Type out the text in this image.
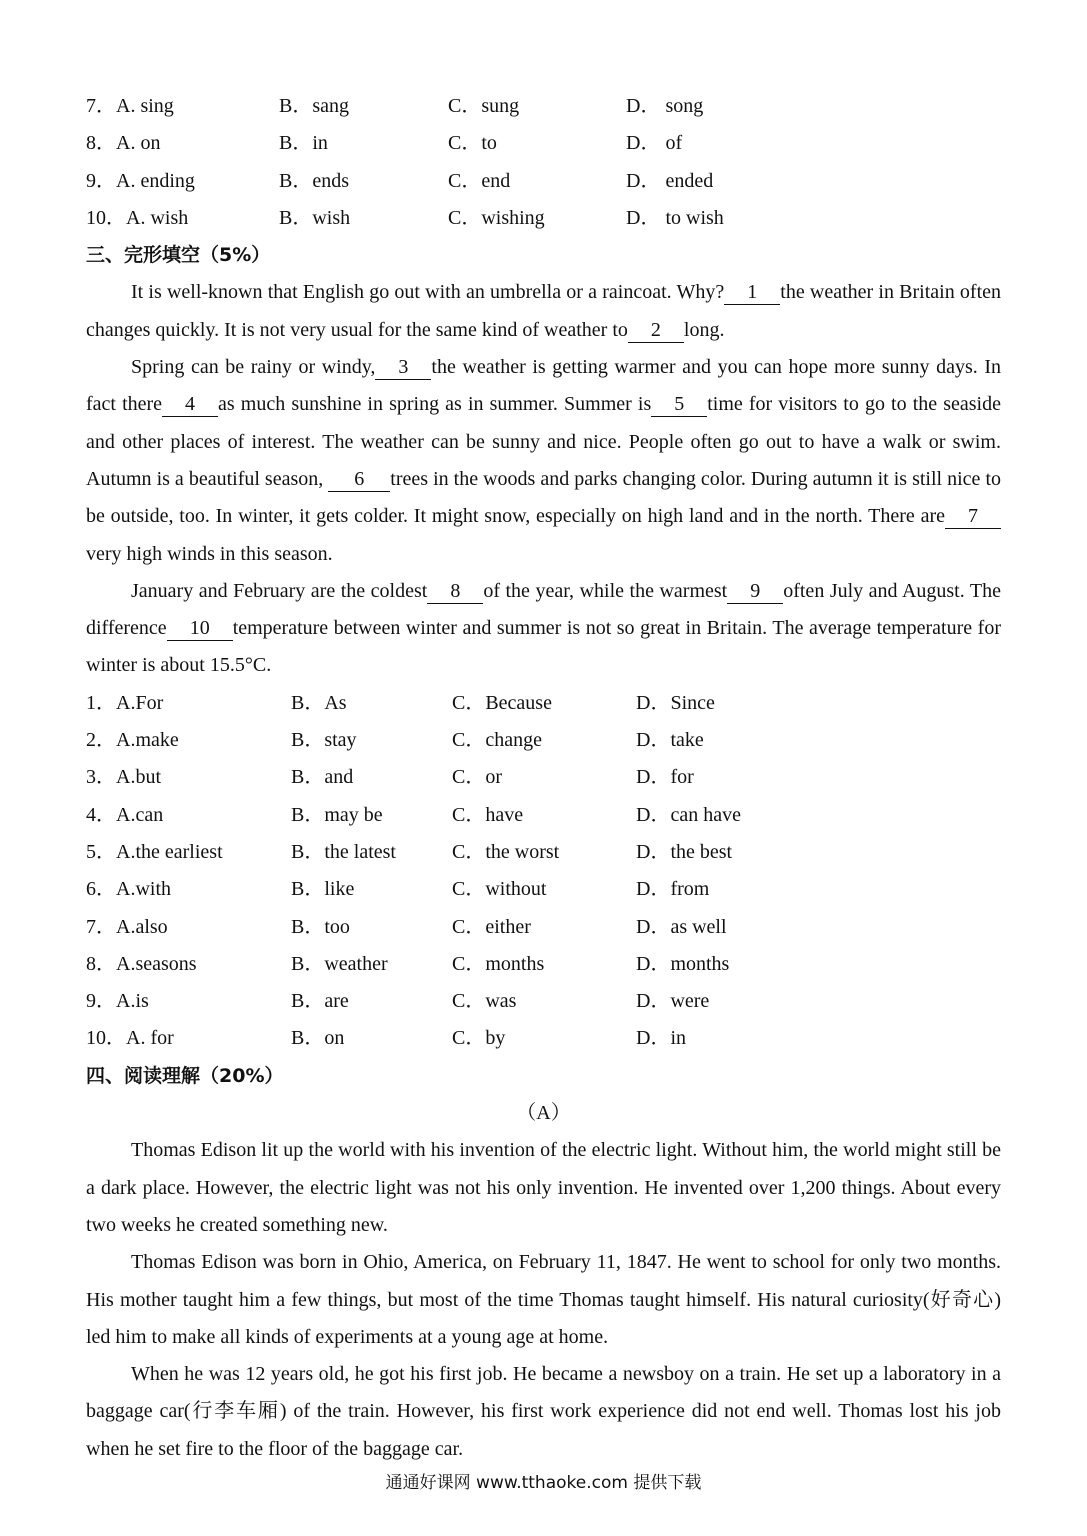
7．A. sing	B．sang	C．sung	D． song
8．A. on	B．in	C．to	D． of
9．A. ending	B．ends	C．end	D． ended
10．A. wish	B．wish	C．wishing	D． to wish
三、完形填空（5%）

It is well-known that English go out with an umbrella or a raincoat. Why? 1 the weather in Britain often changes quickly. It is not very usual for the same kind of weather to 2 long.

Spring can be rainy or windy, 3 the weather is getting warmer and you can hope more sunny days. In fact there 4 as much sunshine in spring as in summer. Summer is 5 time for visitors to go to the seaside and other places of interest. The weather can be sunny and nice. People often go out to have a walk or swim. Autumn is a beautiful season, 6 trees in the woods and parks changing color. During autumn it is still nice to be outside, too. In winter, it gets colder. It might snow, especially on high land and in the north. There are 7very high winds in this season.

January and February are the coldest 8 of the year, while the warmest 9 often July and August. The difference 10 temperature between winter and summer is not so great in Britain. The average temperature for winter is about 15.5°C.

1．A.For	B．As	C．Because	D．Since
2．A.make	B．stay	C．change	D．take
3．A.but	B．and	C．or	D．for
4．A.can	B．may be	C．have	D．can have
5．A.the earliest	B．the latest	C．the worst	D．the best
6．A.with	B．like	C．without	D．from
7．A.also	B．too	C．either	D．as well
8．A.seasons	B．weather	C．months	D．months
9．A.is	B．are	C．was	D．were
10．A. for	B．on	C．by	D．in
四、阅读理解（20%）
（A）

Thomas Edison lit up the world with his invention of the electric light. Without him, the world might still be a dark place. However, the electric light was not his only invention. He invented over 1,200 things. About every two weeks he created something new.

Thomas Edison was born in Ohio, America, on February 11, 1847. He went to school for only two months. His mother taught him a few things, but most of the time Thomas taught himself. His natural curiosity(好奇心) led him to make all kinds of experiments at a young age at home.

When he was 12 years old, he got his first job. He became a newsboy on a train. He set up a laboratory in a baggage car(行李车厢) of the train. However, his first work experience did not end well. Thomas lost his job when he set fire to the floor of the baggage car.

通通好课网 www.tthaoke.com 提供下载
